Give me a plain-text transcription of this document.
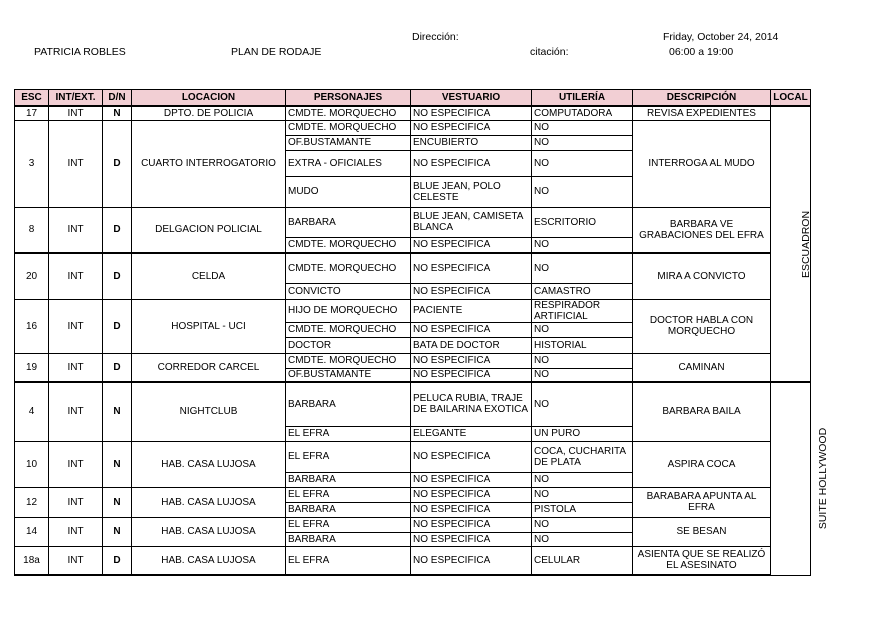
Dirección:	Friday, October 24, 2014
PATRICIA ROBLES	PLAN DE RODAJE	citación:	06:00 a 19:00
ESC	INT/EXT.	D/N	LOCACION	PERSONAJES	VESTUARIO	UTILERÍA	DESCRIPCIÓN	LOCAL
17	INT	N	DPTO. DE POLICIA	CMDTE. MORQUECHO	NO ESPECIFICA	COMPUTADORA	REVISA EXPEDIENTES	ESCUADRON
3	INT	D	CUARTO INTERROGATORIO	CMDTE. MORQUECHO	NO ESPECIFICA	NO	INTERROGA AL MUDO	
				OF.BUSTAMANTE	ENCUBIERTO	NO		
				EXTRA - OFICIALES	NO ESPECIFICA	NO		
				MUDO	BLUE JEAN, POLO CELESTE	NO		
8	INT	D	DELGACION POLICIAL	BARBARA	BLUE JEAN, CAMISETA BLANCA	ESCRITORIO	BARBARA VE GRABACIONES DEL EFRA	
				CMDTE. MORQUECHO	NO ESPECIFICA	NO		
20	INT	D	CELDA	CMDTE. MORQUECHO	NO ESPECIFICA	NO	MIRA A CONVICTO	
				CONVICTO	NO ESPECIFICA	CAMASTRO		
16	INT	D	HOSPITAL - UCI	HIJO DE MORQUECHO	PACIENTE	RESPIRADOR ARTIFICIAL	DOCTOR HABLA CON MORQUECHO	
				CMDTE. MORQUECHO	NO ESPECIFICA	NO		
				DOCTOR	BATA DE DOCTOR	HISTORIAL		
19	INT	D	CORREDOR CARCEL	CMDTE. MORQUECHO	NO ESPECIFICA	NO	CAMINAN	
				OF.BUSTAMANTE	NO ESPECIFICA	NO		
4	INT	N	NIGHTCLUB	BARBARA	PELUCA RUBIA, TRAJE DE BAILARINA EXOTICA	NO	BARBARA BAILA	SUITE HOLLYWOOD
				EL EFRA	ELEGANTE	UN PURO		
10	INT	N	HAB. CASA LUJOSA	EL EFRA	NO ESPECIFICA	COCA, CUCHARITA DE PLATA	ASPIRA COCA	
				BARBARA	NO ESPECIFICA	NO		
12	INT	N	HAB. CASA LUJOSA	EL EFRA	NO ESPECIFICA	NO	BARABARA APUNTA AL EFRA	
				BARBARA	NO ESPECIFICA	PISTOLA		
14	INT	N	HAB. CASA LUJOSA	EL EFRA	NO ESPECIFICA	NO	SE BESAN	
				BARBARA	NO ESPECIFICA	NO		
18a	INT	D	HAB. CASA LUJOSA	EL EFRA	NO ESPECIFICA	CELULAR	ASIENTA QUE SE REALIZÓ EL ASESINATO	
